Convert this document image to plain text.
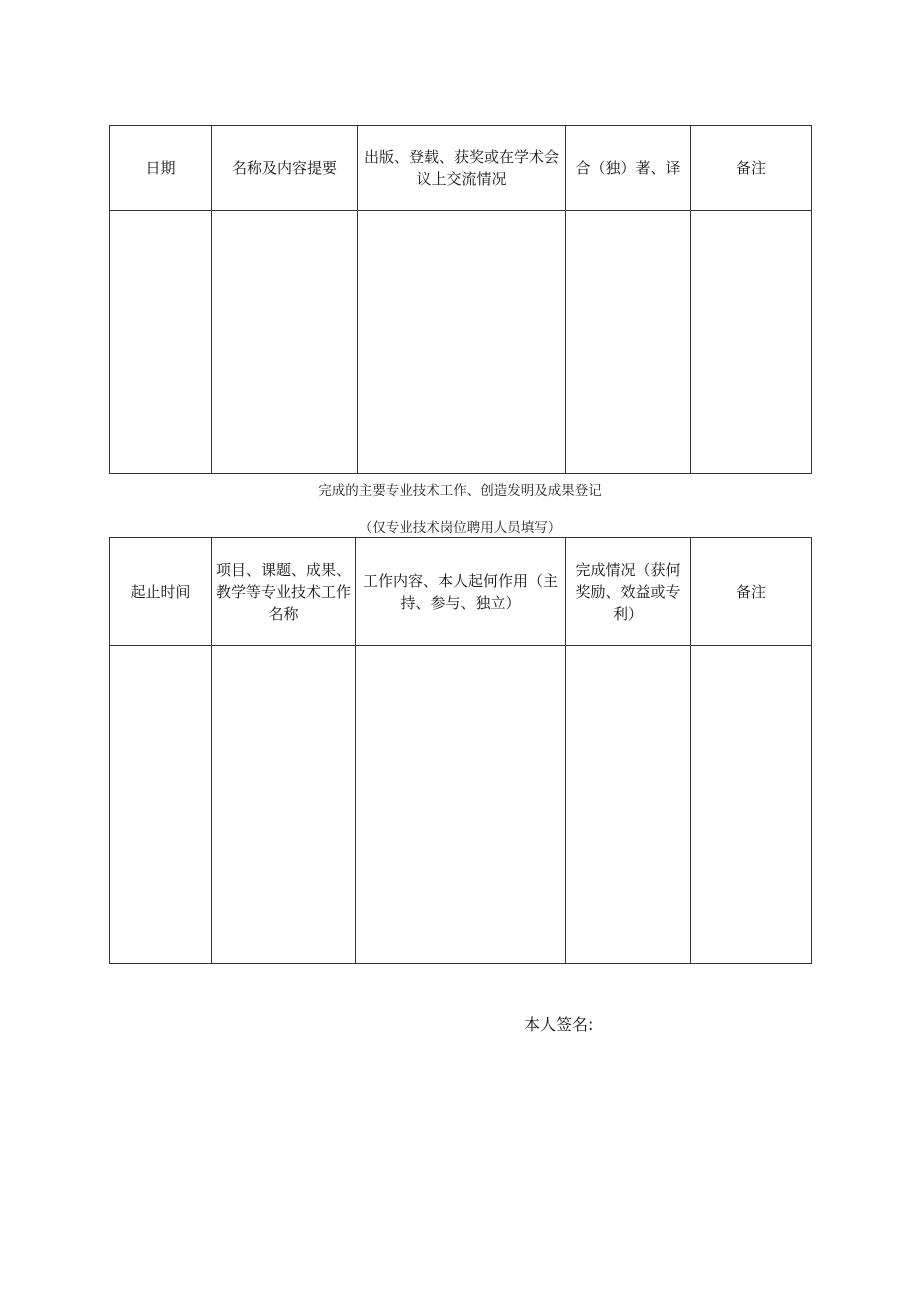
日期	名称及内容提要	出版、登载、获奖或在学术会议上交流情况	合（独）著、译	备注

完成的主要专业技术工作、创造发明及成果登记
（仅专业技术岗位聘用人员填写）
起止时间	项目、课题、成果、教学等专业技术工作名称	工作内容、本人起何作用（主持、参与、独立）	完成情况（获何奖励、效益或专利）	备注

本人签名:
